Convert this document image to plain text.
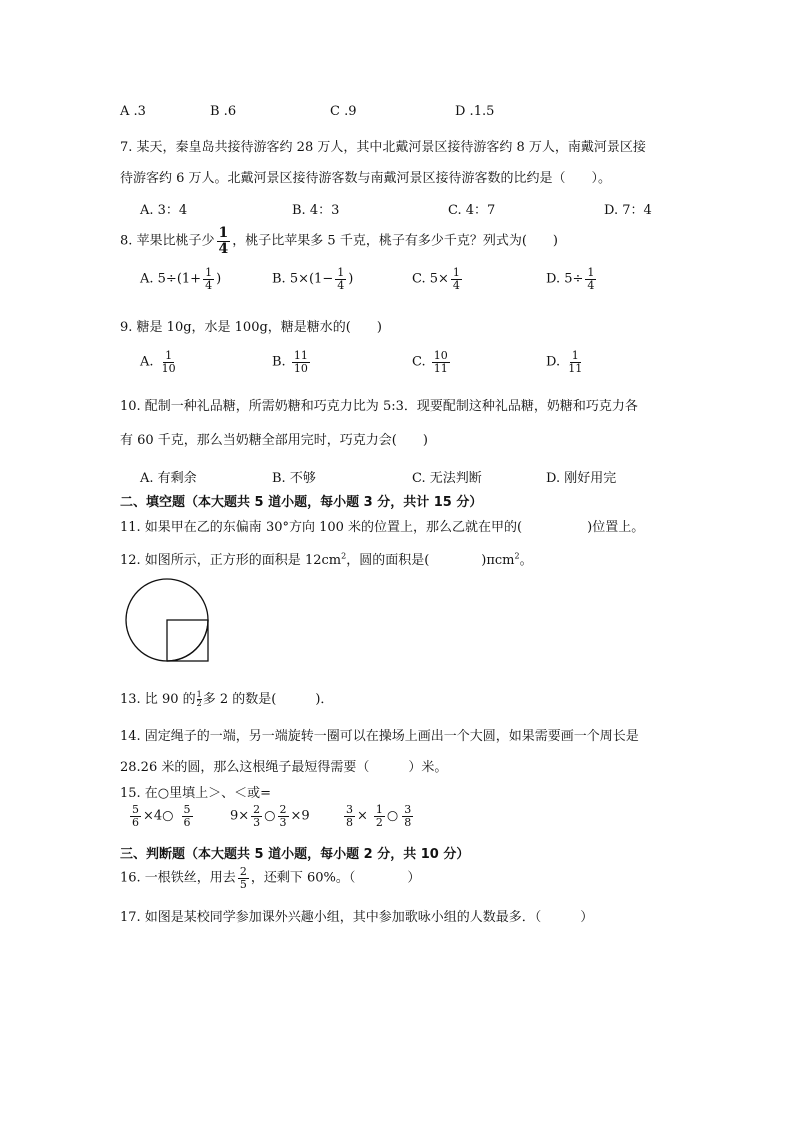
A .3	B .6	C .9	D .1.5
7. 某天，秦皇岛共接待游客约 28 万人，其中北戴河景区接待游客约 8 万人，南戴河景区接
待游客约 6 万人。北戴河景区接待游客数与南戴河景区接待游客数的比约是（　　）。
A. 3：4	B. 4：3	C. 4：7	D. 7：4
8. 苹果比桃子少 $\frac{1}{4}$ ，桃子比苹果多 5 千克，桃子有多少千克？列式为(　　)
A. $5\div(1+ \frac{1}{4}$ )	B. $5\times(1- \frac{1}{4}$ )	C. $5\times \frac{1}{4}$	D. $5\div \frac{1}{4}$
9. 糖是 10g，水是 100g，糖是糖水的(　　)
A. $\frac{1}{10}$	B. $\frac{11}{10}$	C. $\frac{10}{11}$	D. $\frac{1}{11}$
10. 配制一种礼品糖，所需奶糖和巧克力比为 5:3．现要配制这种礼品糖，奶糖和巧克力各
有 60 千克，那么当奶糖全部用完时，巧克力会(　　)
A. 有剩余	B. 不够	C. 无法判断	D. 刚好用完
二、填空题（本大题共 5 道小题，每小题 3 分，共计 15 分）
11. 如果甲在乙的东偏南 30°方向 100 米的位置上，那么乙就在甲的(　　　　　)位置上。
12. 如图所示，正方形的面积是 $12cm^2$，圆的面积是(　　　　)πcm$^2$。
13. 比 90 的 $\frac{1}{2}$ 多 2 的数是(　　　)．
14. 固定绳子的一端，另一端旋转一圈可以在操场上画出一个大圆，如果需要画一个周长是
28.26 米的圆，那么这根绳子最短得需要（　　　）米。
15. 在○里填上＞、＜或=
$\frac{5}{6}$ ×4○ $\frac{5}{6}$	$9\times \frac{2}{3}$ ○ $\frac{2}{3} \times 9$	$\frac{3}{8} \times \frac{1}{2}$ ○ $\frac{3}{8}$
三、判断题（本大题共 5 道小题，每小题 2 分，共 10 分）
16. 一根铁丝，用去 $\frac{2}{5}$ ，还剩下 60%。（　　　　）
17. 如图是某校同学参加课外兴趣小组，其中参加歌咏小组的人数最多．（　　　）
